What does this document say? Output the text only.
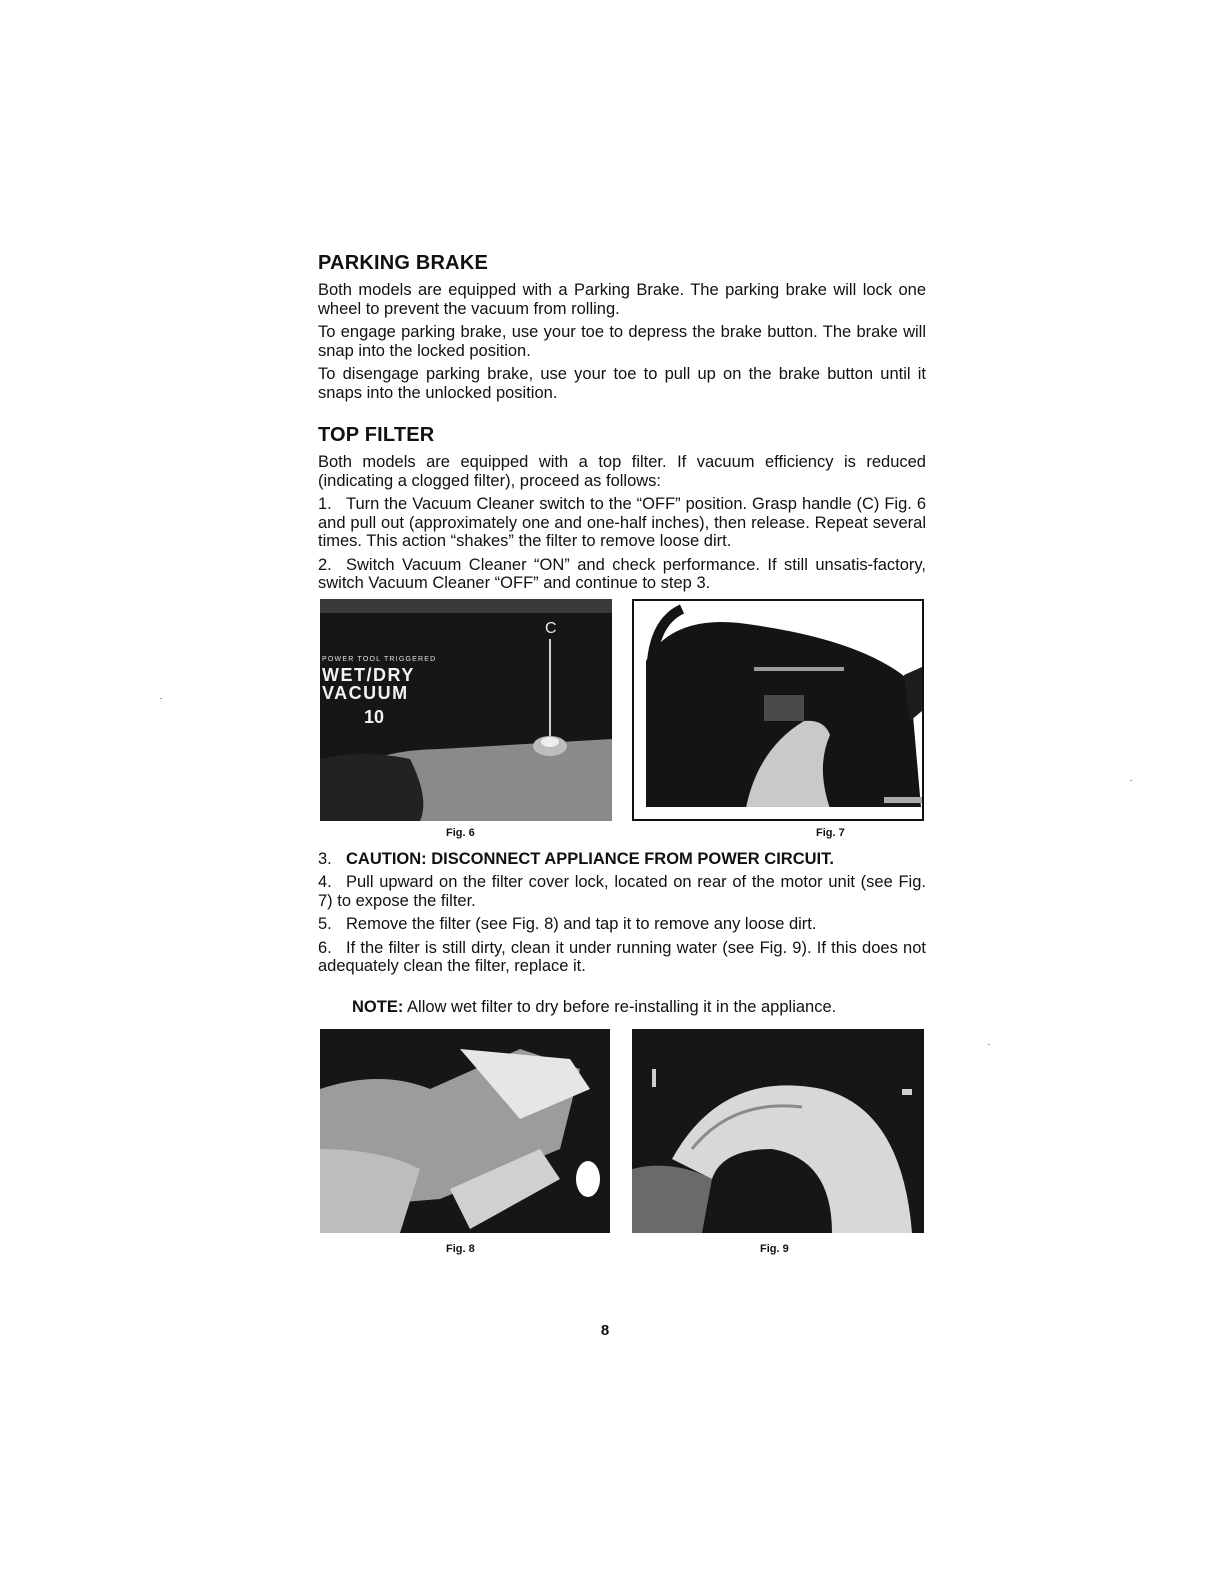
PARKING BRAKE

Both models are equipped with a Parking Brake. The parking brake will lock one wheel to prevent the vacuum from rolling.

To engage parking brake, use your toe to depress the brake button. The brake will snap into the locked position.

To disengage parking brake, use your toe to pull up on the brake button until it snaps into the unlocked position.

TOP FILTER

Both models are equipped with a top filter. If vacuum efficiency is reduced (indicating a clogged filter), proceed as follows:

1. Turn the Vacuum Cleaner switch to the “OFF” position. Grasp handle (C) Fig. 6 and pull out (approximately one and one-half inches), then release. Repeat several times. This action “shakes” the filter to remove loose dirt.

2. Switch Vacuum Cleaner “ON” and check performance. If still unsatis-factory, switch Vacuum Cleaner “OFF” and continue to step 3.

C
POWER TOOL TRIGGERED
WET/DRY
VACUUM
10
Fig. 6	Fig. 7

3. CAUTION: DISCONNECT APPLIANCE FROM POWER CIRCUIT.

4. Pull upward on the filter cover lock, located on rear of the motor unit (see Fig. 7) to expose the filter.

5. Remove the filter (see Fig. 8) and tap it to remove any loose dirt.

6. If the filter is still dirty, clean it under running water (see Fig. 9). If this does not adequately clean the filter, replace it.

NOTE: Allow wet filter to dry before re-installing it in the appliance.
Fig. 8	Fig. 9
8
